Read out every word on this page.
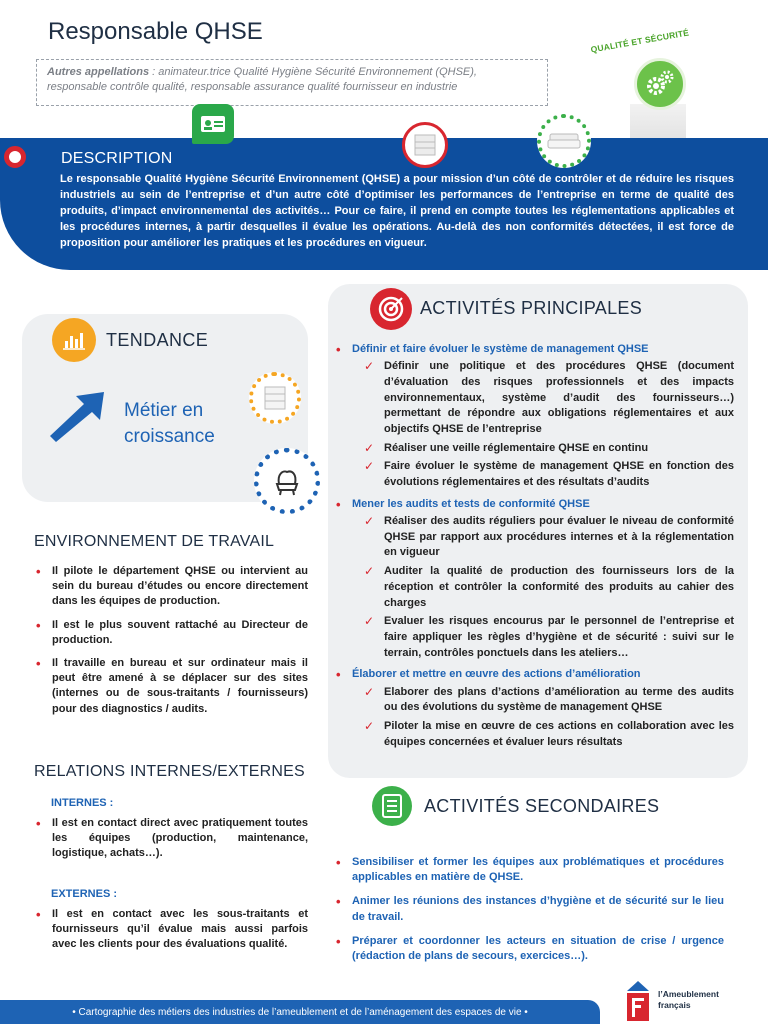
Responsable QHSE
Autres appellations : animateur.trice Qualité Hygiène Sécurité Environnement (QHSE), responsable contrôle qualité, responsable assurance qualité fournisseur en industrie
QUALITÉ ET SÉCURITÉ
DESCRIPTION
Le responsable Qualité Hygiène Sécurité Environnement (QHSE) a pour mission d’un côté de contrôler et de réduire les risques industriels au sein de l’entreprise et d’un autre côté d’optimiser les performances de l’entreprise en terme de qualité des produits, d’impact environnemental des activités… Pour ce faire, il prend en compte toutes les réglementations applicables et les procédures internes, à partir desquelles il évalue les opérations. Au-delà des non conformités détectées, il est force de proposition pour améliorer les pratiques et les procédures en vigueur.
TENDANCE
Métier en
croissance
ENVIRONNEMENT DE TRAVAIL
• Il pilote le département QHSE ou intervient au sein du bureau d’études ou encore directement dans les équipes de production.
• Il est le plus souvent rattaché au Directeur de production.
• Il travaille en bureau et sur ordinateur mais il peut être amené à se déplacer sur des sites (internes ou de sous-traitants / fournisseurs) pour des diagnostics / audits.
RELATIONS INTERNES/EXTERNES
INTERNES :
• Il est en contact direct avec pratiquement toutes les équipes (production, maintenance, logistique, achats…).
EXTERNES :
• Il est en contact avec les sous-traitants et fournisseurs qu’il évalue mais aussi parfois avec les clients pour des évaluations qualité.
ACTIVITÉS PRINCIPALES
• Définir et faire évoluer le système de management QHSE
✓ Définir une politique et des procédures QHSE (document d’évaluation des risques professionnels et des impacts environnementaux, système d’audit des fournisseurs…) permettant de répondre aux obligations réglementaires et aux objectifs QHSE de l’entreprise
✓ Réaliser une veille réglementaire QHSE en continu
✓ Faire évoluer le système de management QHSE en fonction des évolutions réglementaires et des résultats d’audits
• Mener les audits et tests de conformité QHSE
✓ Réaliser des audits réguliers pour évaluer le niveau de conformité QHSE par rapport aux procédures internes et à la réglementation en vigueur
✓ Auditer la qualité de production des fournisseurs lors de la réception et contrôler la conformité des produits au cahier des charges
✓ Evaluer les risques encourus par le personnel de l’entreprise et faire appliquer les règles d’hygiène et de sécurité : suivi sur le terrain, contrôles ponctuels dans les ateliers…
• Élaborer et mettre en œuvre des actions d’amélioration
✓ Elaborer des plans d’actions d’amélioration au terme des audits ou des évolutions du système de management QHSE
✓ Piloter la mise en œuvre de ces actions en collaboration avec les équipes concernées et évaluer leurs résultats
ACTIVITÉS SECONDAIRES
• Sensibiliser et former les équipes aux problématiques et procédures applicables en matière de QHSE.
• Animer les réunions des instances d’hygiène et de sécurité sur le lieu de travail.
• Préparer et coordonner les acteurs en situation de crise / urgence (rédaction de plans de secours, exercices…).
• Cartographie des métiers des industries de l’ameublement et de l’aménagement des espaces de vie •
l’Ameublement
français
